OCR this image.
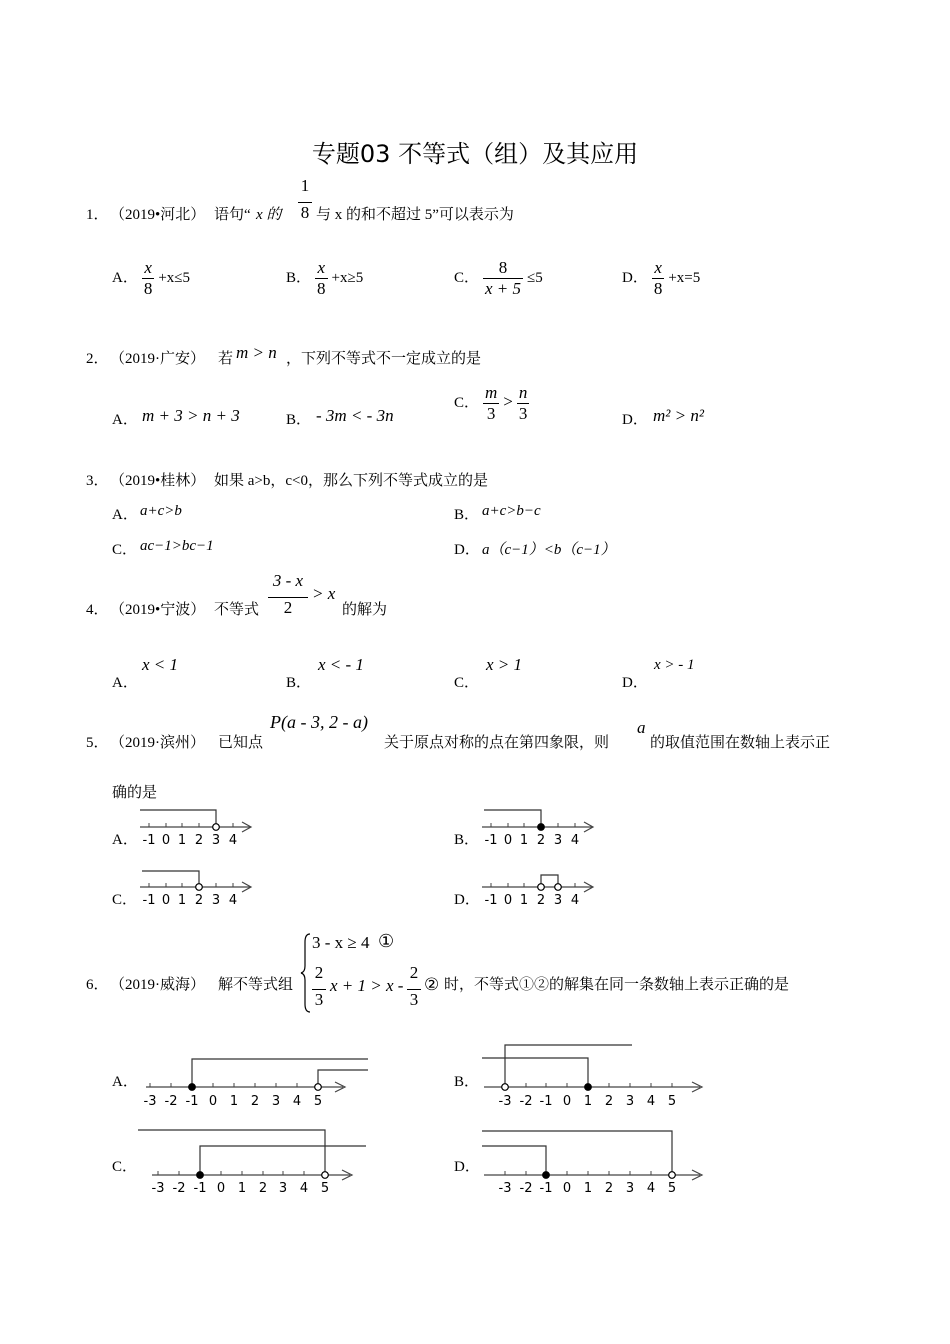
专题03 不等式（组）及其应用
1． （2019•河北） 语句“ x 的
1
8 与 x 的和不超过 5”可以表示为
A． $\frac{x}{8} +x\le 5$	B． $\frac{x}{8} +x\ge 5$	C． $\frac{8}{x + 5} \le 5$	D． $\frac{x}{8} +x=5$
2． （2019·广安） 若 m > n ，下列不等式不一定成立的是
A． m + 3 > n + 3	B． - 3m < - 3n
C． $\frac{m}{3} > \frac{n}{3}$	D． m² > n²
3． （2019•桂林） 如果 a>b，c<0，那么下列不等式成立的是
A． a+c>b	B． a+c>b−c
C． ac−1>bc−1	D． a（c−1）<b（c−1）
4． （2019•宁波） 不等式
3 - x
2
> x
的解为
A．
x < 1
B．
x < - 1
C．
x > 1
D．
x > - 1
5． （2019·滨州） 已知点
P(a - 3, 2 - a)
关于原点对称的点在第四象限，则
a
的取值范围在数轴上表示正
确的是
A．	B．
C．	D．
-1 0 1 2 3 4	-1 0 1 2 3 4
-1 0 1 2 3 4	-1 0 1 2 3 4
6． （2019·威海） 解不等式组
3 - x ≥ 4 ①
2
3
x + 1 > x -
2
3
② 时，不等式①②的解集在同一条数轴上表示正确的是
A．	B．
C．	D．
-3 -2 -1 0 1 2 3 4 5	-3 -2 -1 0 1 2 3 4 5
-3 -2 -1 0 1 2 3 4 5	-3 -2 -1 0 1 2 3 4 5
